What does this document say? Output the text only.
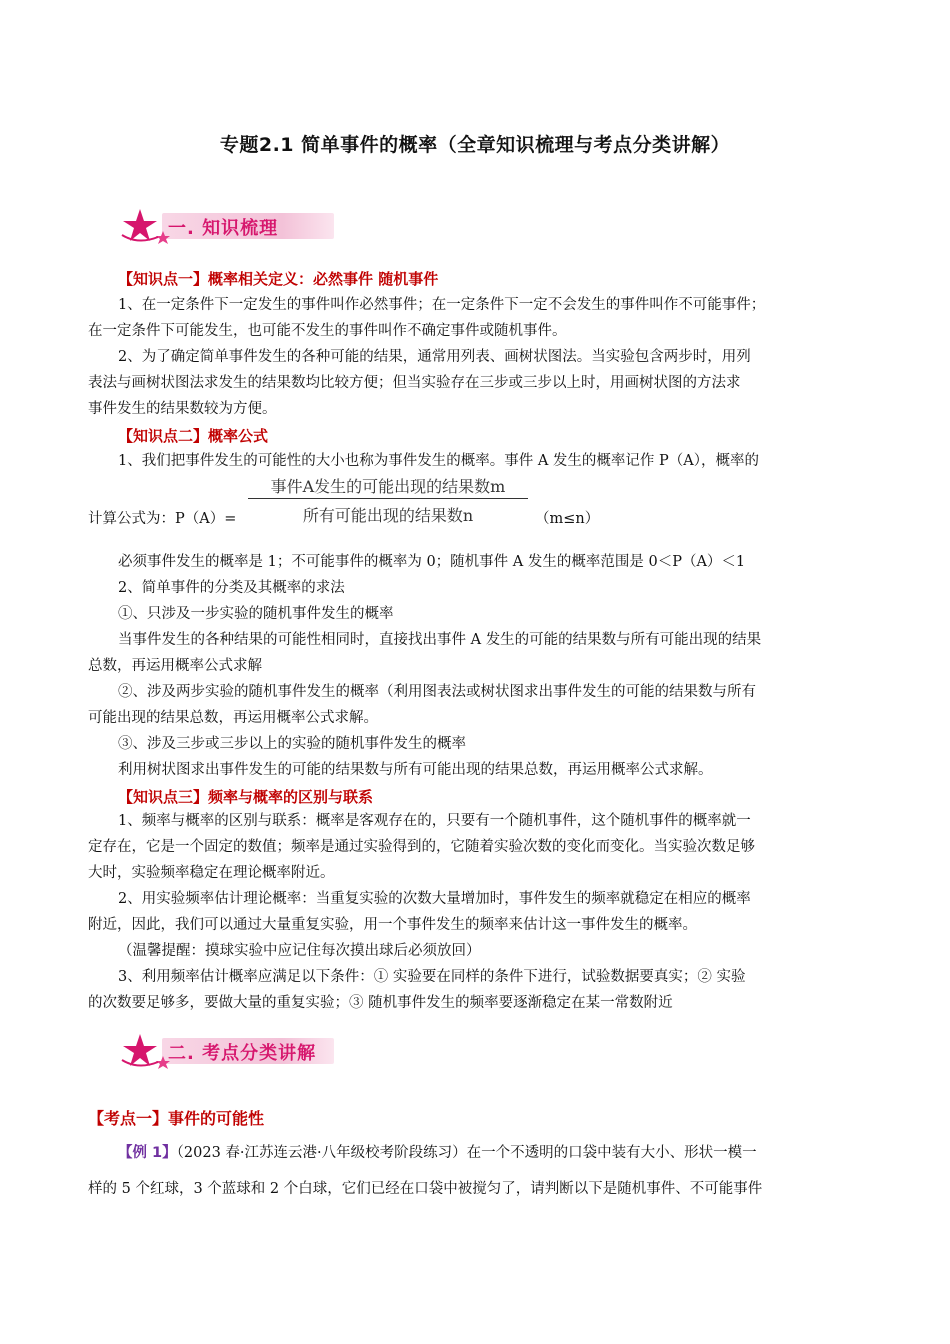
专题2.1 简单事件的概率（全章知识梳理与考点分类讲解）
一. 知识梳理
【知识点一】概率相关定义：必然事件 随机事件
1、在一定条件下一定发生的事件叫作必然事件；在一定条件下一定不会发生的事件叫作不可能事件；
在一定条件下可能发生，也可能不发生的事件叫作不确定事件或随机事件。
2、为了确定简单事件发生的各种可能的结果，通常用列表、画树状图法。当实验包含两步时，用列
表法与画树状图法求发生的结果数均比较方便；但当实验存在三步或三步以上时，用画树状图的方法求
事件发生的结果数较为方便。
【知识点二】概率公式
1、我们把事件发生的可能性的大小也称为事件发生的概率。事件 A 发生的概率记作 P（A），概率的
事件A发生的可能出现的结果数m
所有可能出现的结果数n
计算公式为：P（A）=	（m≤n）
必须事件发生的概率是 1；不可能事件的概率为 0；随机事件 A 发生的概率范围是 0＜P（A）＜1
2、简单事件的分类及其概率的求法
①、只涉及一步实验的随机事件发生的概率
当事件发生的各种结果的可能性相同时，直接找出事件 A 发生的可能的结果数与所有可能出现的结果
总数，再运用概率公式求解
②、涉及两步实验的随机事件发生的概率（利用图表法或树状图求出事件发生的可能的结果数与所有
可能出现的结果总数，再运用概率公式求解。
③、涉及三步或三步以上的实验的随机事件发生的概率
利用树状图求出事件发生的可能的结果数与所有可能出现的结果总数，再运用概率公式求解。
【知识点三】频率与概率的区别与联系
1、频率与概率的区别与联系：概率是客观存在的，只要有一个随机事件，这个随机事件的概率就一
定存在，它是一个固定的数值；频率是通过实验得到的，它随着实验次数的变化而变化。当实验次数足够
大时，实验频率稳定在理论概率附近。
2、用实验频率估计理论概率：当重复实验的次数大量增加时，事件发生的频率就稳定在相应的概率
附近，因此，我们可以通过大量重复实验，用一个事件发生的频率来估计这一事件发生的概率。
（温馨提醒：摸球实验中应记住每次摸出球后必须放回）
3、利用频率估计概率应满足以下条件：① 实验要在同样的条件下进行，试验数据要真实；② 实验
的次数要足够多，要做大量的重复实验；③ 随机事件发生的频率要逐渐稳定在某一常数附近
二. 考点分类讲解
【考点一】事件的可能性
【例 1】（2023 春·江苏连云港·八年级校考阶段练习）在一个不透明的口袋中装有大小、形状一模一
样的 5 个红球，3 个蓝球和 2 个白球，它们已经在口袋中被搅匀了，请判断以下是随机事件、不可能事件
